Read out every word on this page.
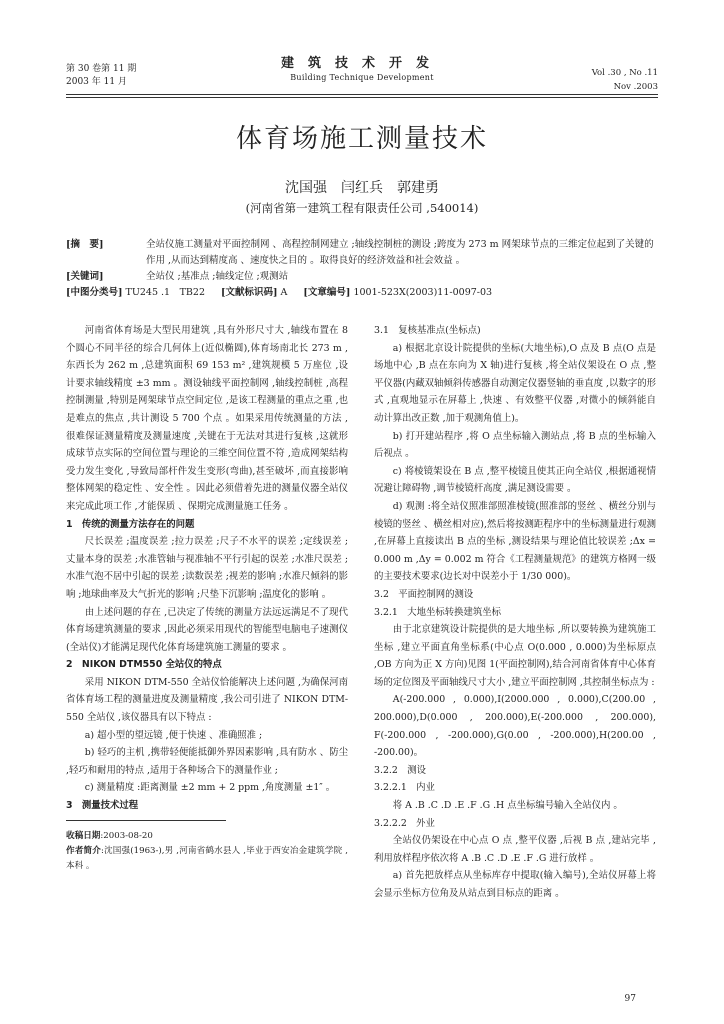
第 30 卷第 11 期
2003 年 11 月
建筑技术开发
Building Technique Development	Vol .30 , No .11
Nov .2003
体育场施工测量技术
沈国强　闫红兵　郭建勇
(河南省第一建筑工程有限责任公司 ,540014)
[摘　要]	全站仪施工测量对平面控制网 、高程控制网建立 ;轴线控制桩的测设 ;跨度为 273 m 网架球节点的三维定位起到了关键的作用 ,从而达到精度高 、速度快之目的 。取得良好的经济效益和社会效益 。
[关键词]	全站仪 ;基准点 ;轴线定位 ;观测站
[中图分类号] TU245 .1　TB22 [文献标识码] A [文章编号] 1001-523X(2003)11-0097-03

河南省体育场是大型民用建筑 ,具有外形尺寸大 ,轴线布置在 8 个圆心不同半径的综合几何体上(近似椭圆),体育场南北长 273 m ,东西长为 262 m ,总建筑面积 69 153 m² ,建筑规模 5 万座位 ,设计要求轴线精度 ±3 mm 。测设轴线平面控制网 ,轴线控制桩 ,高程控制测量 ,特别是网架球节点空间定位 ,是该工程测量的重点之重 ,也是难点的焦点 ,共计测设 5 700 个点 。如果采用传统测量的方法 ,很难保证测量精度及测量速度 ,关键在于无法对其进行复核 ,这就形成球节点实际的空间位置与理论的三维空间位置不符 ,造成网架结构受力发生变化 ,导致局部杆件发生变形(弯曲),甚至破坏 ,而直接影响整体网架的稳定性 、安全性 。因此必须借着先进的测量仪器全站仪来完成此项工作 ,才能保质 、保期完成测量施工任务 。

1　传统的测量方法存在的问题

尺长误差 ;温度误差 ;拉力误差 ;尺子不水平的误差 ;定线误差 ;丈量本身的误差 ;水准管轴与视准轴不平行引起的误差 ;水准尺误差 ;水准气泡不居中引起的误差 ;读数误差 ;视差的影响 ;水准尺倾斜的影响 ;地球曲率及大气折光的影响 ;尺垫下沉影响 ;温度化的影响 。

由上述问题的存在 ,已决定了传统的测量方法远远满足不了现代体育场建筑测量的要求 ,因此必须采用现代的智能型电脑电子速测仪(全站仪)才能满足现代化体育场建筑施工测量的要求 。

2　NIKON DTM550 全站仪的特点

采用 NIKON DTM-550 全站仪恰能解决上述问题 ,为确保河南省体育场工程的测量进度及测量精度 ,我公司引进了 NIKON DTM-550 全站仪 ,该仪器具有以下特点 :

a) 超小型的望远镜 ,便于快速 、准确照准 ;

b) 轻巧的主机 ,携带轻便能抵御外界因素影响 ,具有防水 、防尘 ,轻巧和耐用的特点 ,适用于各种场合下的测量作业 ;

c) 测量精度 :距离测量 ±2 mm + 2 ppm ,角度测量 ±1″ 。

3　测量技术过程

收稿日期:2003-08-20
作者简介:沈国强(1963-),男 ,河南省鹤水县人 ,毕业于西安冶金建筑学院 ,本科 。

3.1　复核基准点(坐标点)

a) 根据北京设计院提供的坐标(大地坐标),O 点及 B 点(O 点是场地中心 ,B 点在东向为 X 轴)进行复核 ,将全站仪架设在 O 点 ,整平仪器(内藏双轴倾斜传感器自动测定仪器竖轴的垂直度 ,以数字的形式 ,直观地显示在屏幕上 ,快速 、有效整平仪器 ,对微小的倾斜能自动计算出改正数 ,加于观测角值上)。

b) 打开建站程序 ,将 O 点坐标输入测站点 ,将 B 点的坐标输入后视点 。

c) 将棱镜架设在 B 点 ,整平棱镜且使其正向全站仪 ,根据通视情况避让障碍物 ,调节棱镜杆高度 ,满足测设需要 。

d) 观测 :将全站仪照准部照准棱镜(照准部的竖丝 、横丝分别与棱镜的竖丝 、横丝相对应),然后将按测距程序中的坐标测量进行观测 ,在屏幕上直接读出 B 点的坐标 ,测设结果与理论值比较误差 ;Δx = 0.000 m ,Δy = 0.002 m 符合《工程测量规范》的建筑方格网一级的主要技术要求(边长对中误差小于 1/30 000)。

3.2　平面控制网的测设

3.2.1　大地坐标转换建筑坐标

由于北京建筑设计院提供的是大地坐标 ,所以要转换为建筑施工坐标 ,建立平面直角坐标系(中心点 O(0.000 , 0.000)为坐标原点 ,OB 方向为正 X 方向)见图 1(平面控制网),结合河南省体育中心体育场的定位图及平面轴线尺寸大小 ,建立平面控制网 ,其控制坐标点为 :

A(-200.000 , 0.000),I(2000.000 , 0.000),C(200.00 , 200.000),D(0.000 , 200.000),E(-200.000 , 200.000), F(-200.000 , -200.000),G(0.00 , -200.000),H(200.00 , -200.00)。

3.2.2　测设

3.2.2.1　内业

将 A .B .C .D .E .F .G .H 点坐标编号输入全站仪内 。

3.2.2.2　外业

全站仪仍架设在中心点 O 点 ,整平仪器 ,后视 B 点 ,建站完毕 ,利用放样程序依次将 A .B .C .D .E .F .G 进行放样 。

a) 首先把放样点从坐标库存中提取(输入编号),全站仪屏幕上将会显示坐标方位角及从站点到目标点的距离 。

97
